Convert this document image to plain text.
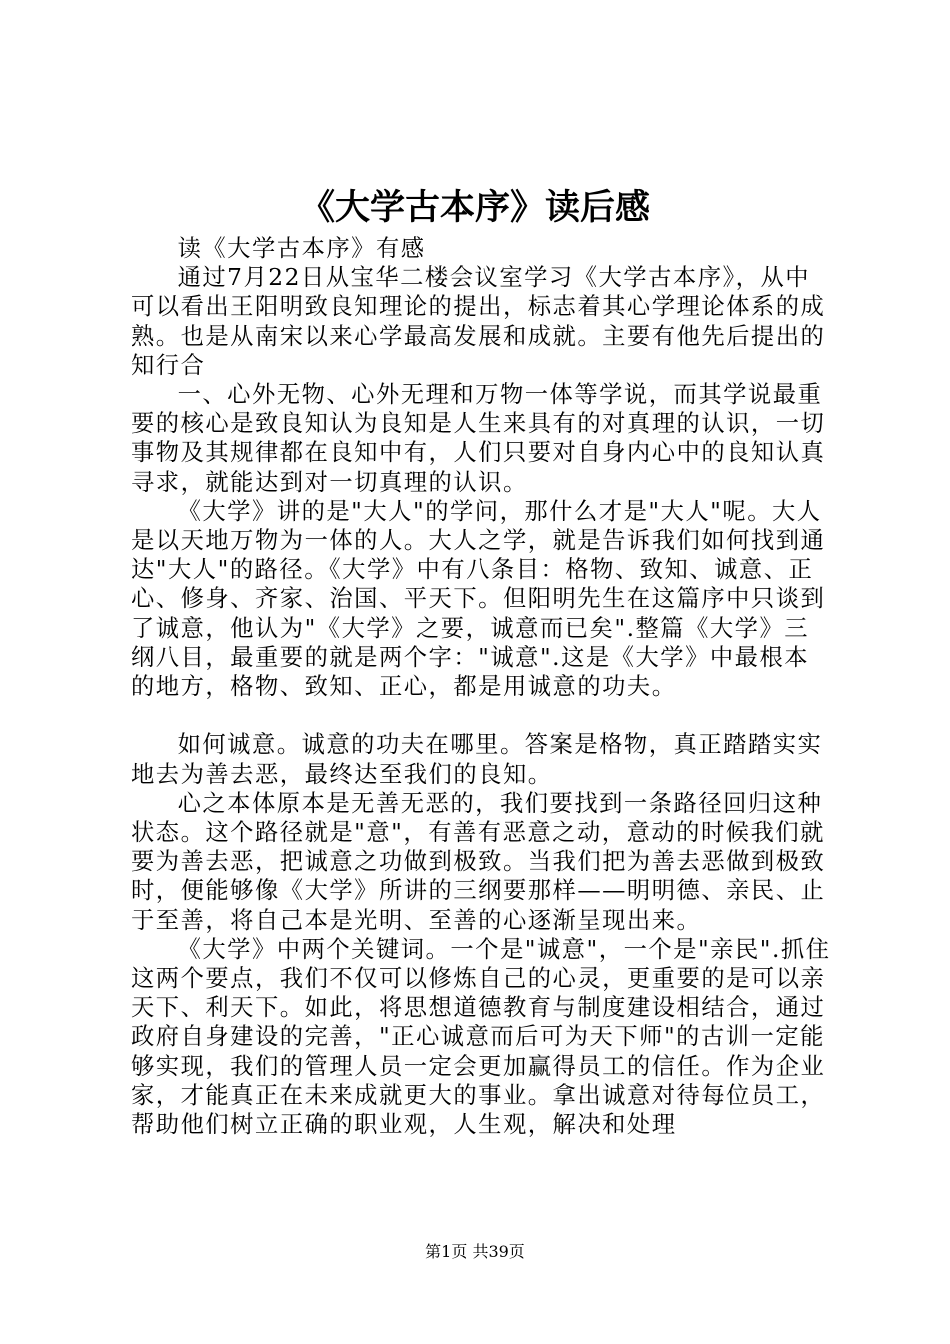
《大学古本序》读后感

读《大学古本序》有感

通过7月22日从宝华二楼会议室学习《大学古本序》，从中可以看出王阳明致良知理论的提出，标志着其心学理论体系的成熟。也是从南宋以来心学最高发展和成就。主要有他先后提出的知行合

一、心外无物、心外无理和万物一体等学说，而其学说最重要的核心是致良知认为良知是人生来具有的对真理的认识，一切事物及其规律都在良知中有，人们只要对自身内心中的良知认真寻求，就能达到对一切真理的认识。

《大学》讲的是"大人"的学问，那什么才是"大人"呢。大人是以天地万物为一体的人。大人之学，就是告诉我们如何找到通达"大人"的路径。《大学》中有八条目：格物、致知、诚意、正心、修身、齐家、治国、平天下。但阳明先生在这篇序中只谈到了诚意，他认为"《大学》之要，诚意而已矣".整篇《大学》三纲八目，最重要的就是两个字："诚意".这是《大学》中最根本的地方，格物、致知、正心，都是用诚意的功夫。

如何诚意。诚意的功夫在哪里。答案是格物，真正踏踏实实地去为善去恶，最终达至我们的良知。

心之本体原本是无善无恶的，我们要找到一条路径回归这种状态。这个路径就是"意"，有善有恶意之动，意动的时候我们就要为善去恶，把诚意之功做到极致。当我们把为善去恶做到极致时，便能够像《大学》所讲的三纲要那样——明明德、亲民、止于至善，将自己本是光明、至善的心逐渐呈现出来。

《大学》中两个关键词。一个是"诚意"，一个是"亲民".抓住这两个要点，我们不仅可以修炼自己的心灵，更重要的是可以亲天下、利天下。如此，将思想道德教育与制度建设相结合，通过政府自身建设的完善，"正心诚意而后可为天下师"的古训一定能够实现，我们的管理人员一定会更加赢得员工的信任。作为企业家，才能真正在未来成就更大的事业。拿出诚意对待每位员工，帮助他们树立正确的职业观，人生观，解决和处理

第1页 共39页
